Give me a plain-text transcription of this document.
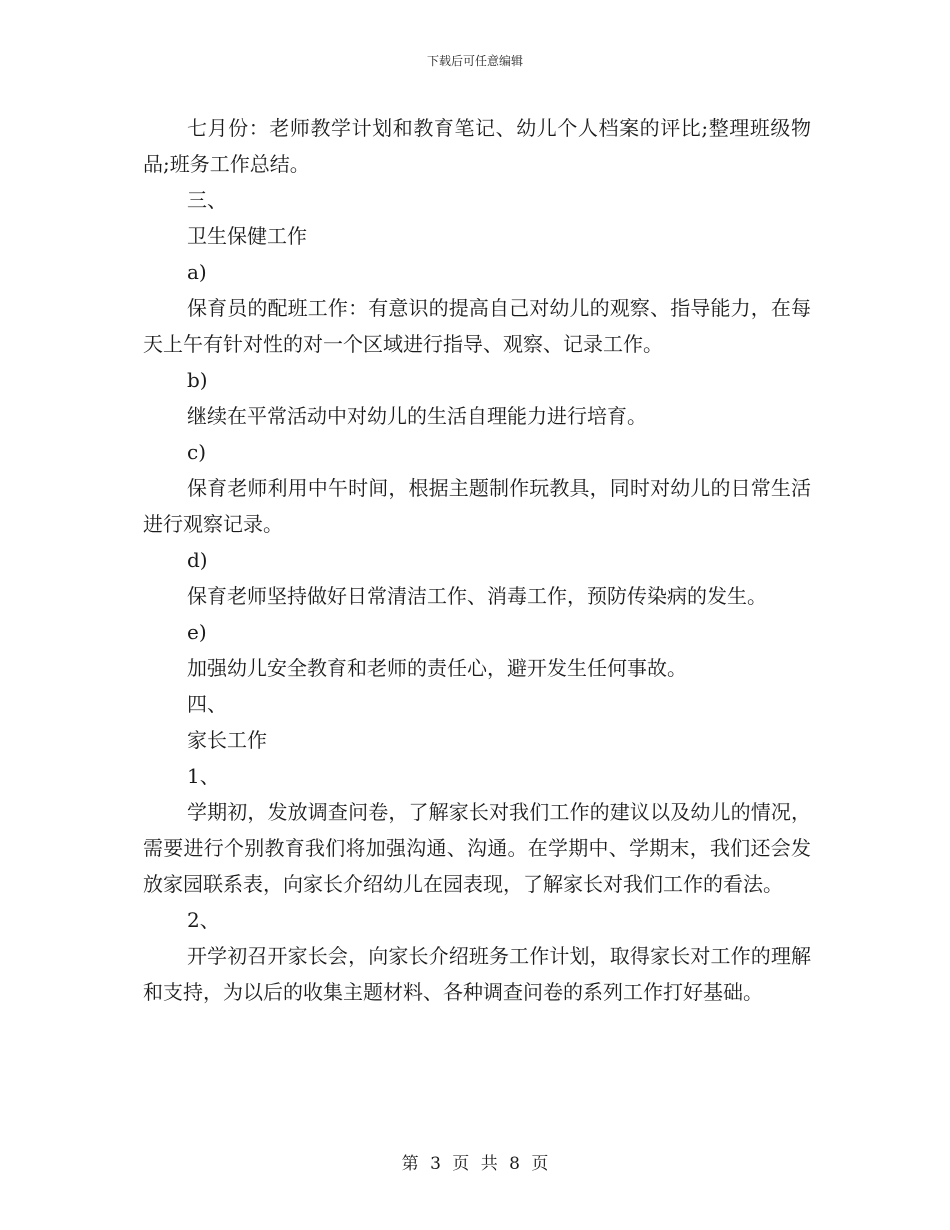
下载后可任意编辑

七月份：老师教学计划和教育笔记、幼儿个人档案的评比;整理班级物品;班务工作总结。

三、

卫生保健工作

a)

保育员的配班工作：有意识的提高自己对幼儿的观察、指导能力，在每天上午有针对性的对一个区域进行指导、观察、记录工作。

b)

继续在平常活动中对幼儿的生活自理能力进行培育。

c)

保育老师利用中午时间，根据主题制作玩教具，同时对幼儿的日常生活进行观察记录。

d)

保育老师坚持做好日常清洁工作、消毒工作，预防传染病的发生。

e)

加强幼儿安全教育和老师的责任心，避开发生任何事故。

四、

家长工作

1、

学期初，发放调查问卷，了解家长对我们工作的建议以及幼儿的情况，需要进行个别教育我们将加强沟通、沟通。在学期中、学期末，我们还会发放家园联系表，向家长介绍幼儿在园表现，了解家长对我们工作的看法。

2、

开学初召开家长会，向家长介绍班务工作计划，取得家长对工作的理解和支持，为以后的收集主题材料、各种调查问卷的系列工作打好基础。

第 3 页 共 8 页
